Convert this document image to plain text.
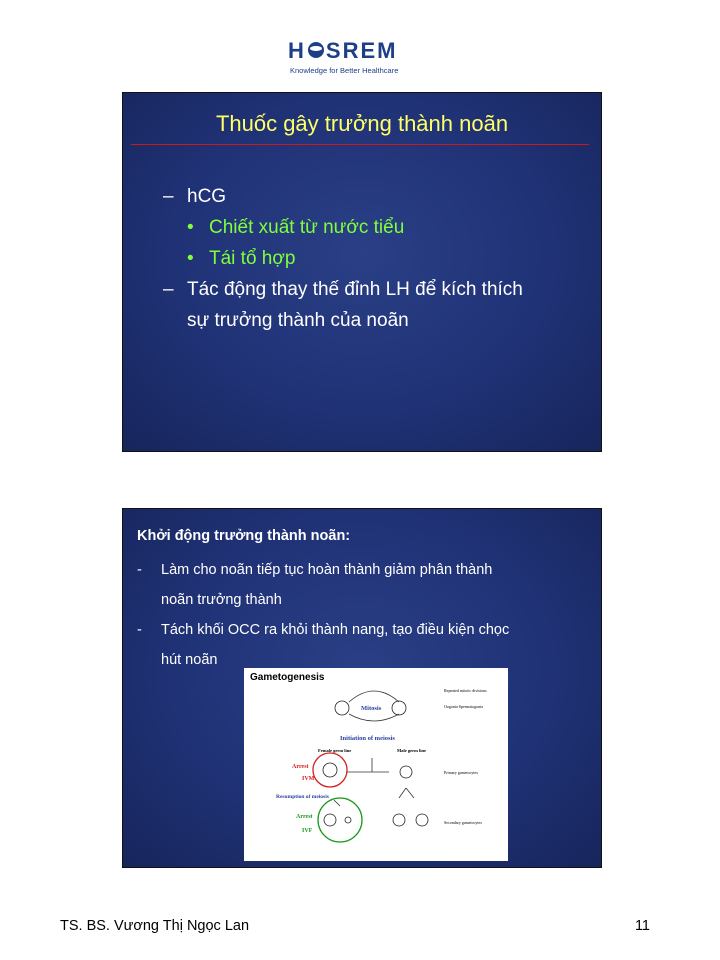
H SREM
Knowledge for Better Healthcare
Thuốc gây trưởng thành noãn
– hCG
• Chiết xuất từ nước tiểu
• Tái tổ hợp
– Tác động thay thế đỉnh LH để kích thích
sự trưởng thành của noãn
Khởi động trưởng thành noãn:
- Làm cho noãn tiếp tục hoàn thành giảm phân thành
noãn trưởng thành
- Tách khối OCC ra khỏi thành nang, tạo điều kiện chọc
hút noãn
Gametogenesis
Mitosis
Initiation of meiosis
Female germ line	Male germ line
Arrest
IVM
Resumption of meiosis
Arrest
IVF
Repeated mitotic divisions
Oogonia Spermatogonia
Primary gametocytes
Secondary gametocytes
TS. BS. Vương Thị Ngọc Lan	11
